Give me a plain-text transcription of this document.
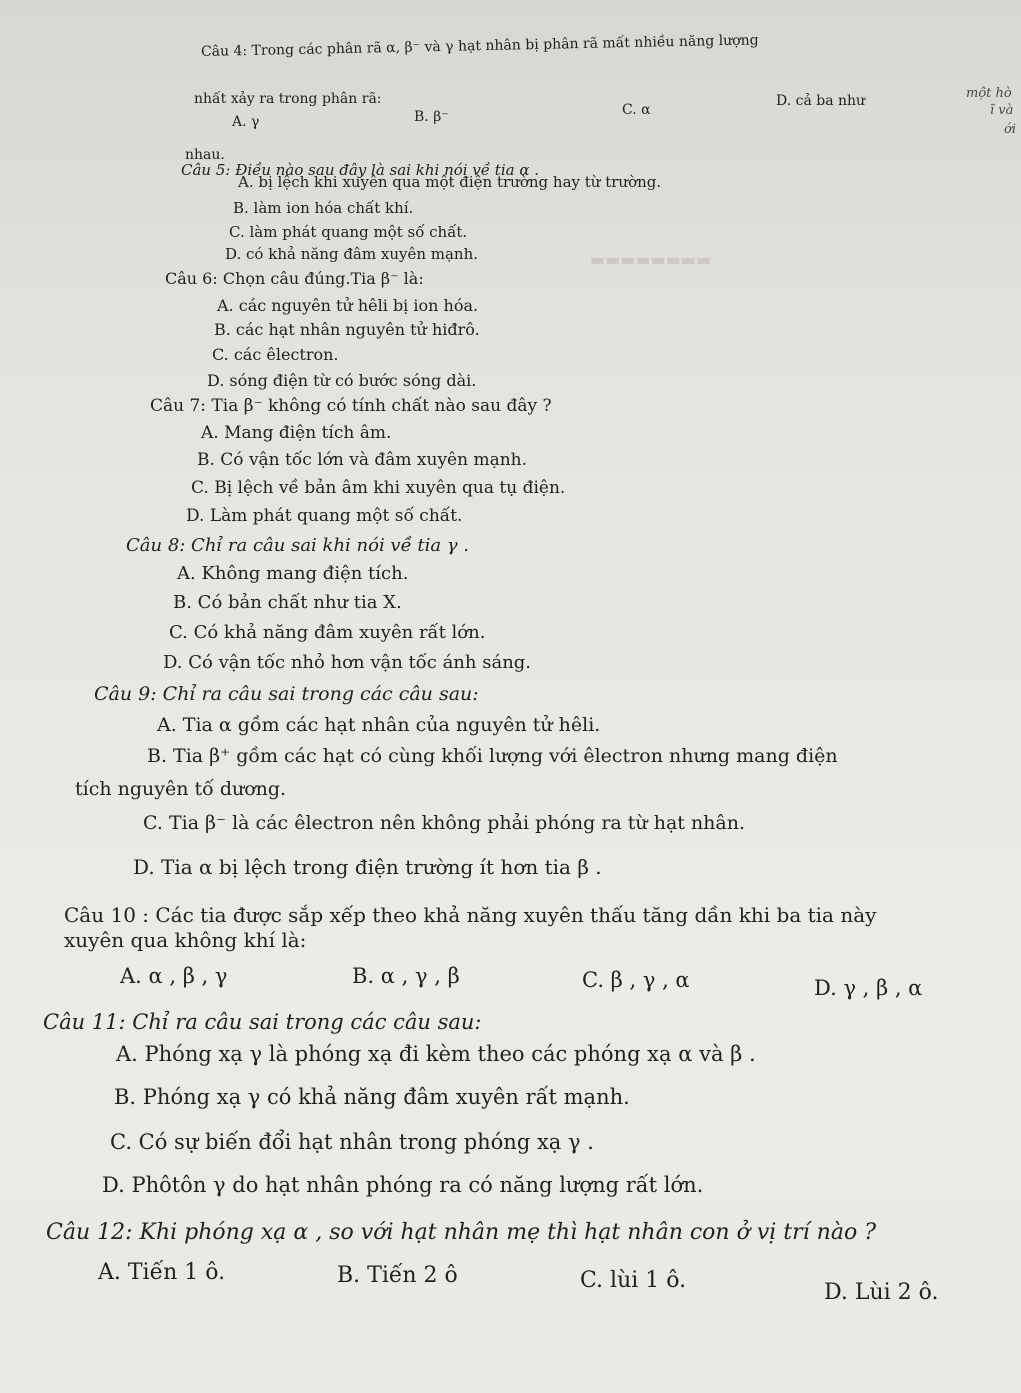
▬▬▬▬▬▬▬▬
Câu 4: Trong các phân rã α, β⁻ và γ hạt nhân bị phân rã mất nhiều năng lượng
nhất xảy ra trong phân rã:
A. γ	B. β⁻	C. α
D. cả ba như	một hò
ĩ và
ới
nhau.
Câu 5: Điều nào sau đây là sai khi nói về tia α .
A. bị lệch khi xuyên qua một điện trường hay từ trường.
B. làm ion hóa chất khí.
C. làm phát quang một số chất.
D. có khả năng đâm xuyên mạnh.
Câu 6: Chọn câu đúng.Tia β⁻ là:
A. các nguyên tử hêli bị ion hóa.
B. các hạt nhân nguyên tử hiđrô.
C. các êlectron.
D. sóng điện từ có bước sóng dài.
Câu 7: Tia β⁻ không có tính chất nào sau đây ?
A. Mang điện tích âm.
B. Có vận tốc lớn và đâm xuyên mạnh.
C. Bị lệch về bản âm khi xuyên qua tụ điện.
D. Làm phát quang một số chất.
Câu 8: Chỉ ra câu sai khi nói về tia γ .
A. Không mang điện tích.
B. Có bản chất như tia X.
C. Có khả năng đâm xuyên rất lớn.
D. Có vận tốc nhỏ hơn vận tốc ánh sáng.
Câu 9: Chỉ ra câu sai trong các câu sau:
A. Tia α gồm các hạt nhân của nguyên tử hêli.
B. Tia β⁺ gồm các hạt có cùng khối lượng với êlectron nhưng mang điện
tích nguyên tố dương.
C. Tia β⁻ là các êlectron nên không phải phóng ra từ hạt nhân.
D. Tia α bị lệch trong điện trường ít hơn tia β .
Câu 10 : Các tia được sắp xếp theo khả năng xuyên thấu tăng dần khi ba tia này
xuyên qua không khí là:
A. α , β , γ	B. α , γ , β	C. β , γ , α	D. γ , β , α
Câu 11: Chỉ ra câu sai trong các câu sau:
A. Phóng xạ γ là phóng xạ đi kèm theo các phóng xạ α và β .
B. Phóng xạ γ có khả năng đâm xuyên rất mạnh.
C. Có sự biến đổi hạt nhân trong phóng xạ γ .
D. Phôtôn γ do hạt nhân phóng ra có năng lượng rất lớn.
Câu 12: Khi phóng xạ α , so với hạt nhân mẹ thì hạt nhân con ở vị trí nào ?
A. Tiến 1 ô.	B. Tiến 2 ô	C. lùi 1 ô.	D. Lùi 2 ô.
